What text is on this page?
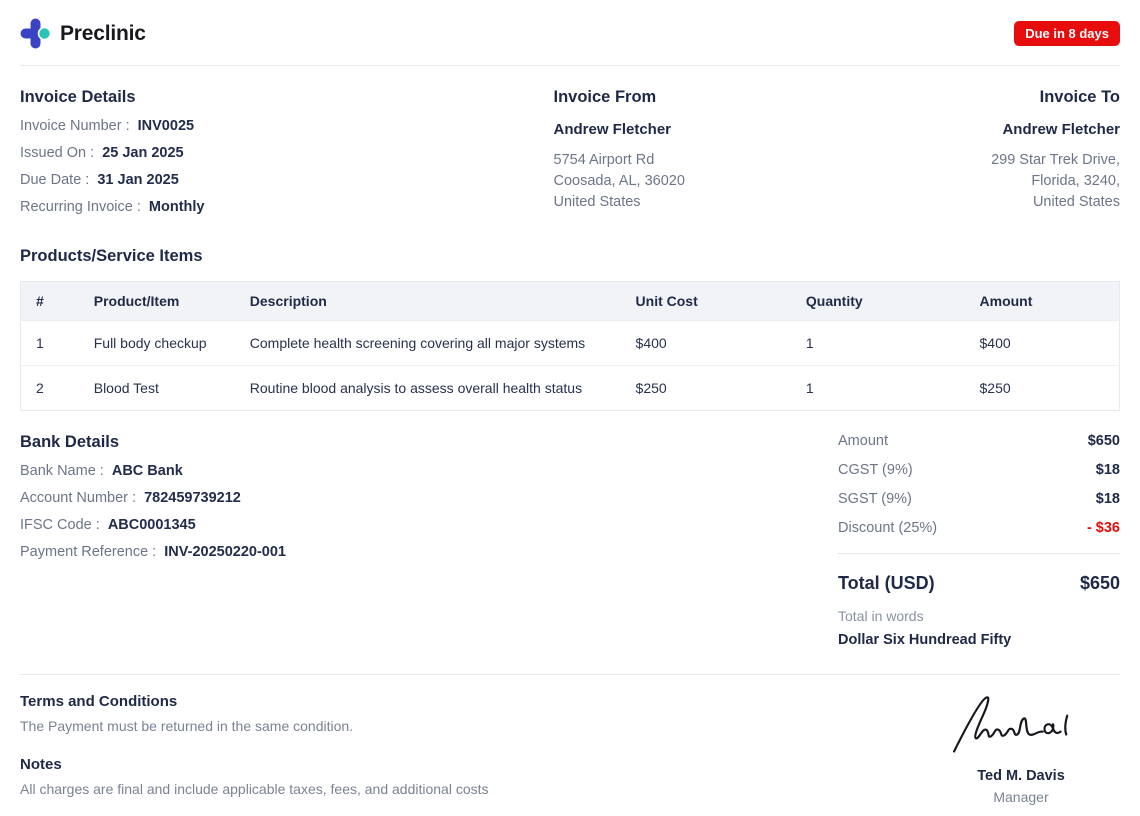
Preclinic	Due in 8 days
Invoice Details
Invoice Number : INV0025
Issued On : 25 Jan 2025
Due Date : 31 Jan 2025
Recurring Invoice : Monthly
Invoice From
Andrew Fletcher
5754 Airport Rd
Coosada, AL, 36020
United States
Invoice To
Andrew Fletcher
299 Star Trek Drive,
Florida, 3240,
United States
Products/Service Items
#	Product/Item	Description	Unit Cost	Quantity	Amount
1	Full body checkup	Complete health screening covering all major systems	$400	1	$400
2	Blood Test	Routine blood analysis to assess overall health status	$250	1	$250
Bank Details
Bank Name : ABC Bank
Account Number : 782459739212
IFSC Code : ABC0001345
Payment Reference : INV-20250220-001
Amount	$650
CGST (9%)	$18
SGST (9%)	$18
Discount (25%)	- $36
Total (USD)	$650
Total in words
Dollar Six Hundread Fifty
Terms and Conditions
The Payment must be returned in the same condition.
Notes
All charges are final and include applicable taxes, fees, and additional costs
Ted M. Davis
Manager
